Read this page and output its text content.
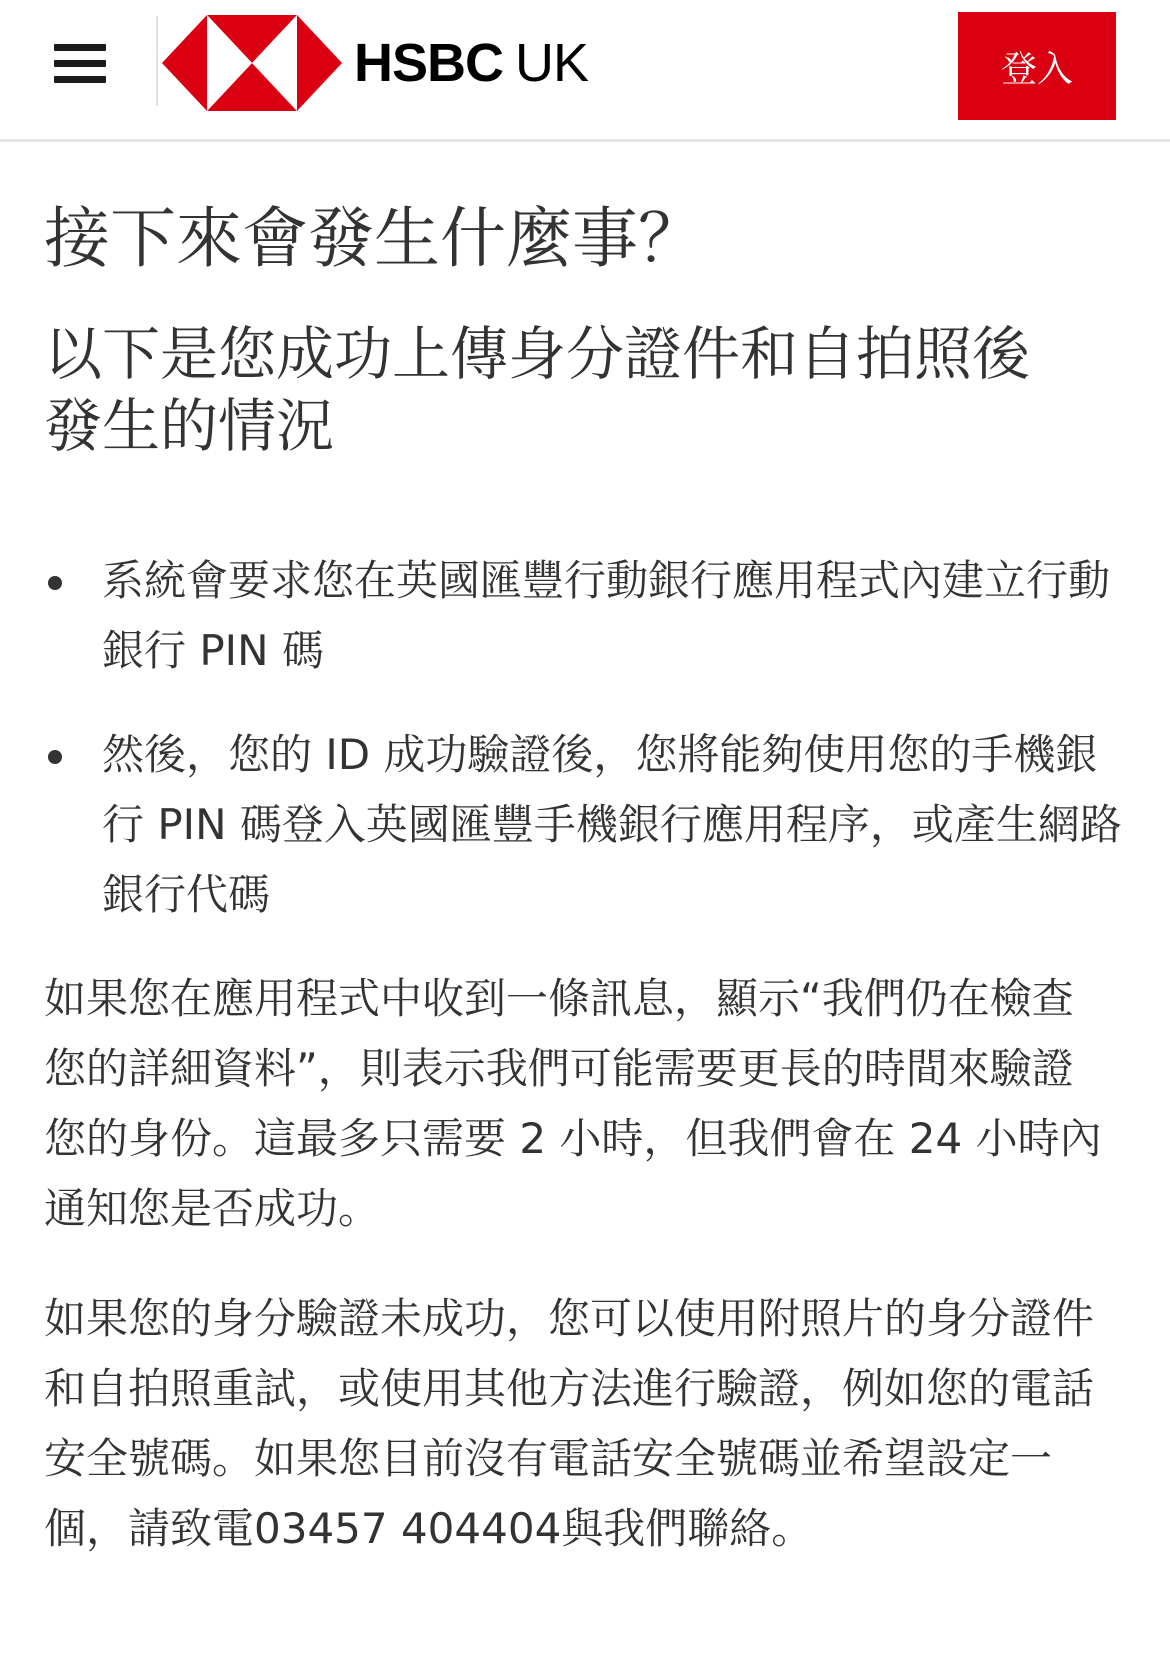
HSBC UK	登入
接下來會發生什麼事？
以下是您成功上傳身分證件和自拍照後發生的情況
系統會要求您在英國匯豐行動銀行應用程式內建立行動銀行 PIN 碼
然後，您的 ID 成功驗證後，您將能夠使用您的手機銀行 PIN 碼登入英國匯豐手機銀行應用程序，或產生網路銀行代碼

如果您在應用程式中收到一條訊息，顯示“我們仍在檢查您的詳細資料”，則表示我們可能需要更長的時間來驗證您的身份。這最多只需要 2 小時，但我們會在 24 小時內通知您是否成功。

如果您的身分驗證未成功，您可以使用附照片的身分證件和自拍照重試，或使用其他方法進行驗證，例如您的電話安全號碼。如果您目前沒有電話安全號碼並希望設定一個，請致電03457 404404與我們聯絡。
